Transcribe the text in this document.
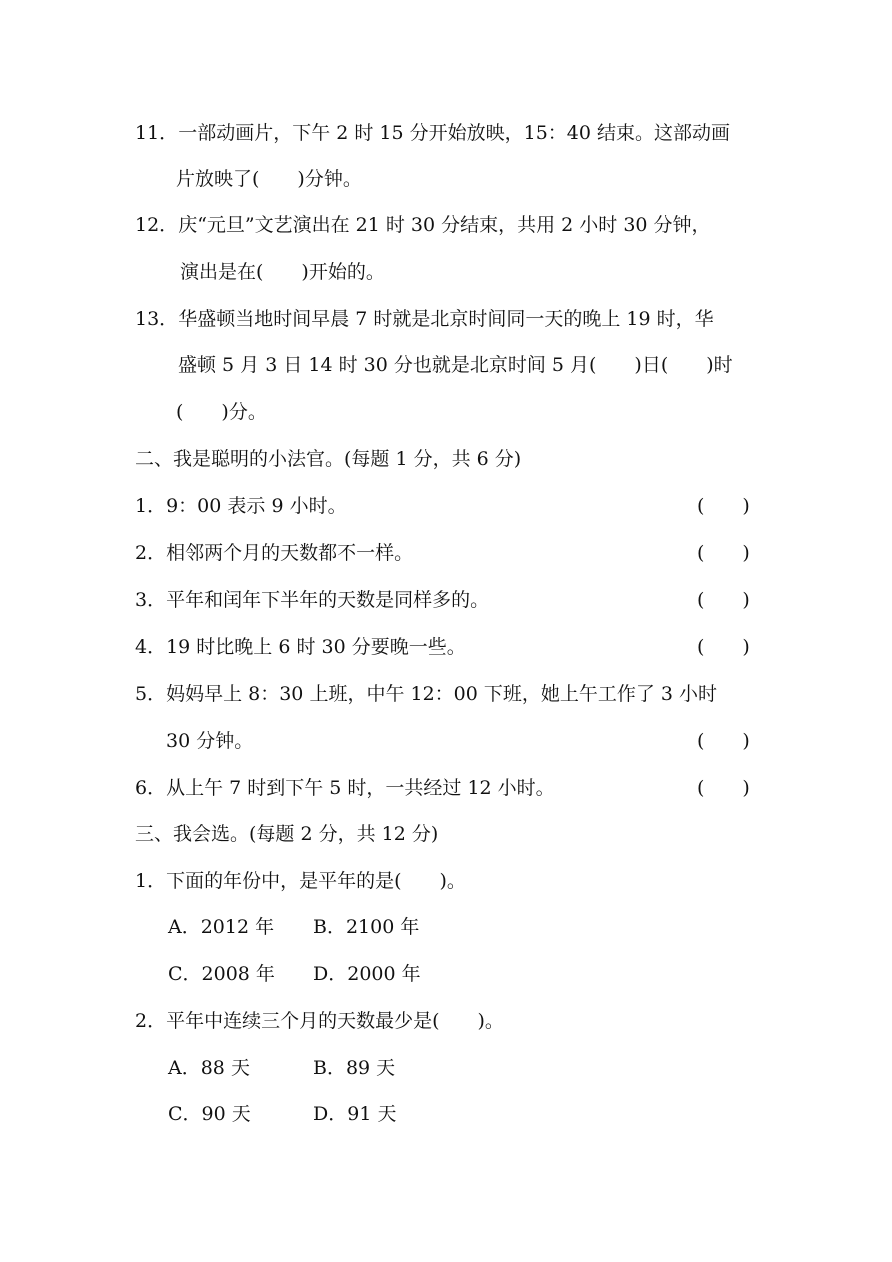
11．一部动画片，下午 2 时 15 分开始放映，15：40 结束。这部动画
片放映了(　　)分钟。
12．庆“元旦”文艺演出在 21 时 30 分结束，共用 2 小时 30 分钟，
演出是在(　　)开始的。
13．华盛顿当地时间早晨 7 时就是北京时间同一天的晚上 19 时，华
盛顿 5 月 3 日 14 时 30 分也就是北京时间 5 月(　　)日(　　)时
(　　)分。
二、我是聪明的小法官。(每题 1 分，共 6 分)
1．9：00 表示 9 小时。	(　　)
2．相邻两个月的天数都不一样。	(　　)
3．平年和闰年下半年的天数是同样多的。	(　　)
4．19 时比晚上 6 时 30 分要晚一些。	(　　)
5．妈妈早上 8：30 上班，中午 12：00 下班，她上午工作了 3 小时
30 分钟。	(　　)
6．从上午 7 时到下午 5 时，一共经过 12 小时。	(　　)
三、我会选。(每题 2 分，共 12 分)
1．下面的年份中，是平年的是(　　)。
A．2012 年 B．2100 年
C．2008 年 D．2000 年
2．平年中连续三个月的天数最少是(　　)。
A．88 天	B．89 天
C．90 天	D．91 天
